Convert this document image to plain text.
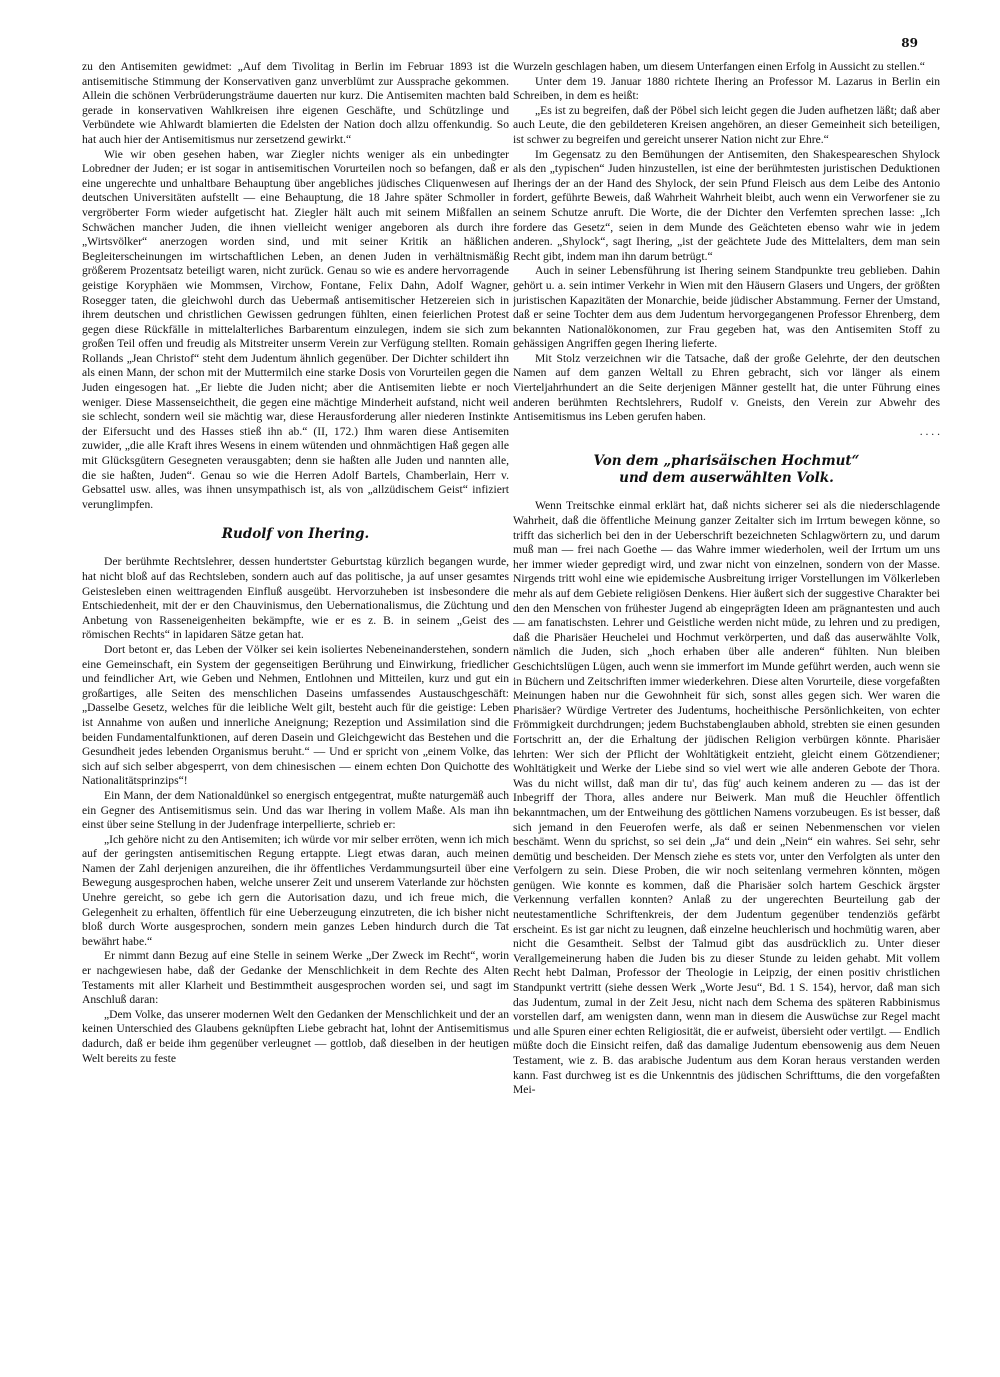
89

zu den Antisemiten gewidmet: „Auf dem Tivolitag in Berlin im Februar 1893 ist die antisemitische Stimmung der Konservativen ganz unverblümt zur Aussprache gekommen. Allein die schönen Verbrüderungsträume dauerten nur kurz. Die Antisemiten machten bald gerade in konservativen Wahlkreisen ihre eigenen Geschäfte, und Schützlinge und Verbündete wie Ahlwardt blamierten die Edelsten der Nation doch allzu offenkundig. So hat auch hier der Antisemitismus nur zersetzend gewirkt.“

Wie wir oben gesehen haben, war Ziegler nichts weniger als ein unbedingter Lobredner der Juden; er ist sogar in antisemitischen Vorurteilen noch so befangen, daß er eine ungerechte und unhaltbare Behauptung über angebliches jüdisches Cliquenwesen auf deutschen Universitäten aufstellt — eine Behauptung, die 18 Jahre später Schmoller in vergröberter Form wieder aufgetischt hat. Ziegler hält auch mit seinem Mißfallen an Schwächen mancher Juden, die ihnen vielleicht weniger angeboren als durch ihre „Wirtsvölker“ anerzogen worden sind, und mit seiner Kritik an häßlichen Begleiterscheinungen im wirtschaftlichen Leben, an denen Juden in verhältnismäßig größerem Prozentsatz beteiligt waren, nicht zurück. Genau so wie es andere hervorragende geistige Koryphäen wie Mommsen, Virchow, Fontane, Felix Dahn, Adolf Wagner, Rosegger taten, die gleichwohl durch das Uebermaß antisemitischer Hetzereien sich in ihrem deutschen und christlichen Gewissen gedrungen fühlten, einen feierlichen Protest gegen diese Rückfälle in mittelalterliches Barbarentum einzulegen, indem sie sich zum großen Teil offen und freudig als Mitstreiter unserm Verein zur Verfügung stellten. Romain Rollands „Jean Christof“ steht dem Judentum ähnlich gegenüber. Der Dichter schildert ihn als einen Mann, der schon mit der Muttermilch eine starke Dosis von Vorurteilen gegen die Juden eingesogen hat. „Er liebte die Juden nicht; aber die Antisemiten liebte er noch weniger. Diese Massenseichtheit, die gegen eine mächtige Minderheit aufstand, nicht weil sie schlecht, sondern weil sie mächtig war, diese Herausforderung aller niederen Instinkte der Eifersucht und des Hasses stieß ihn ab.“ (II, 172.) Ihm waren diese Antisemiten zuwider, „die alle Kraft ihres Wesens in einem wütenden und ohnmächtigen Haß gegen alle mit Glücksgütern Gesegneten verausgabten; denn sie haßten alle Juden und nannten alle, die sie haßten, Juden“. Genau so wie die Herren Adolf Bartels, Chamberlain, Herr v. Gebsattel usw. alles, was ihnen unsympathisch ist, als von „allzüdischem Geist“ infiziert verunglimpfen.

Rudolf von Ihering.

Der berühmte Rechtslehrer, dessen hundertster Geburtstag kürzlich begangen wurde, hat nicht bloß auf das Rechtsleben, sondern auch auf das politische, ja auf unser gesamtes Geistesleben einen weittragenden Einfluß ausgeübt. Hervorzuheben ist insbesondere die Entschiedenheit, mit der er den Chauvinismus, den Uebernationalismus, die Züchtung und Anbetung von Rasseneigenheiten bekämpfte, wie er es z. B. in seinem „Geist des römischen Rechts“ in lapidaren Sätze getan hat.

Dort betont er, das Leben der Völker sei kein isoliertes Nebeneinanderstehen, sondern eine Gemeinschaft, ein System der gegenseitigen Berührung und Einwirkung, friedlicher und feindlicher Art, wie Geben und Nehmen, Entlohnen und Mitteilen, kurz und gut ein großartiges, alle Seiten des menschlichen Daseins umfassendes Austauschgeschäft: „Dasselbe Gesetz, welches für die leibliche Welt gilt, besteht auch für die geistige: Leben ist Annahme von außen und innerliche Aneignung; Rezeption und Assimilation sind die beiden Fundamentalfunktionen, auf deren Dasein und Gleichgewicht das Bestehen und die Gesundheit jedes lebenden Organismus beruht.“ — Und er spricht von „einem Volke, das sich auf sich selber abgesperrt, von dem chinesischen — einem echten Don Quichotte des Nationalitätsprinzips“!

Ein Mann, der dem Nationaldünkel so energisch entgegentrat, mußte naturgemäß auch ein Gegner des Antisemitismus sein. Und das war Ihering in vollem Maße. Als man ihn einst über seine Stellung in der Judenfrage interpellierte, schrieb er:

„Ich gehöre nicht zu den Antisemiten; ich würde vor mir selber erröten, wenn ich mich auf der geringsten antisemitischen Regung ertappte. Liegt etwas daran, auch meinen Namen der Zahl derjenigen anzureihen, die ihr öffentliches Verdammungsurteil über eine Bewegung ausgesprochen haben, welche unserer Zeit und unserem Vaterlande zur höchsten Unehre gereicht, so gebe ich gern die Autorisation dazu, und ich freue mich, die Gelegenheit zu erhalten, öffentlich für eine Ueberzeugung einzutreten, die ich bisher nicht bloß durch Worte ausgesprochen, sondern mein ganzes Leben hindurch durch die Tat bewährt habe.“

Er nimmt dann Bezug auf eine Stelle in seinem Werke „Der Zweck im Recht“, worin er nachgewiesen habe, daß der Gedanke der Menschlichkeit in dem Rechte des Alten Testaments mit aller Klarheit und Bestimmtheit ausgesprochen worden sei, und sagt im Anschluß daran:

„Dem Volke, das unserer modernen Welt den Gedanken der Menschlichkeit und der an keinen Unterschied des Glaubens geknüpften Liebe gebracht hat, lohnt der Antisemitismus dadurch, daß er beide ihm gegenüber verleugnet — gottlob, daß dieselben in der heutigen Welt bereits zu feste

Wurzeln geschlagen haben, um diesem Unterfangen einen Erfolg in Aussicht zu stellen.“

Unter dem 19. Januar 1880 richtete Ihering an Professor M. Lazarus in Berlin ein Schreiben, in dem es heißt:

„Es ist zu begreifen, daß der Pöbel sich leicht gegen die Juden aufhetzen läßt; daß aber auch Leute, die den gebildeteren Kreisen angehören, an dieser Gemeinheit sich beteiligen, ist schwer zu begreifen und gereicht unserer Nation nicht zur Ehre.“

Im Gegensatz zu den Bemühungen der Antisemiten, den Shakespeareschen Shylock als den „typischen“ Juden hinzustellen, ist eine der berühmtesten juristischen Deduktionen Iherings der an der Hand des Shylock, der sein Pfund Fleisch aus dem Leibe des Antonio fordert, geführte Beweis, daß Wahrheit Wahrheit bleibt, auch wenn ein Verworfener sie zu seinem Schutze anruft. Die Worte, die der Dichter den Verfemten sprechen lasse: „Ich fordere das Gesetz“, seien in dem Munde des Geächteten ebenso wahr wie in jedem anderen. „Shylock“, sagt Ihering, „ist der geächtete Jude des Mittelalters, dem man sein Recht gibt, indem man ihn darum betrügt.“

Auch in seiner Lebensführung ist Ihering seinem Standpunkte treu geblieben. Dahin gehört u. a. sein intimer Verkehr in Wien mit den Häusern Glasers und Ungers, der größten juristischen Kapazitäten der Monarchie, beide jüdischer Abstammung. Ferner der Umstand, daß er seine Tochter dem aus dem Judentum hervorgegangenen Professor Ehrenberg, dem bekannten Nationalökonomen, zur Frau gegeben hat, was den Antisemiten Stoff zu gehässigen Angriffen gegen Ihering lieferte.

Mit Stolz verzeichnen wir die Tatsache, daß der große Gelehrte, der den deutschen Namen auf dem ganzen Weltall zu Ehren gebracht, sich vor länger als einem Vierteljahrhundert an die Seite derjenigen Männer gestellt hat, die unter Führung eines anderen berühmten Rechtslehrers, Rudolf v. Gneists, den Verein zur Abwehr des Antisemitismus ins Leben gerufen haben.

. . . .

Von dem „pharisäischen Hochmut“
und dem auserwählten Volk.

Wenn Treitschke einmal erklärt hat, daß nichts sicherer sei als die niederschlagende Wahrheit, daß die öffentliche Meinung ganzer Zeitalter sich im Irrtum bewegen könne, so trifft das sicherlich bei den in der Ueberschrift bezeichneten Schlagwörtern zu, und darum muß man — frei nach Goethe — das Wahre immer wiederholen, weil der Irrtum um uns her immer wieder gepredigt wird, und zwar nicht von einzelnen, sondern von der Masse. Nirgends tritt wohl eine wie epidemische Ausbreitung irriger Vorstellungen im Völkerleben mehr als auf dem Gebiete religiösen Denkens. Hier äußert sich der suggestive Charakter bei den den Menschen von frühester Jugend ab eingeprägten Ideen am prägnantesten und auch — am fanatischsten. Lehrer und Geistliche werden nicht müde, zu lehren und zu predigen, daß die Pharisäer Heuchelei und Hochmut verkörperten, und daß das auserwählte Volk, nämlich die Juden, sich „hoch erhaben über alle anderen“ fühlten. Nun bleiben Geschichtslügen Lügen, auch wenn sie immerfort im Munde geführt werden, auch wenn sie in Büchern und Zeitschriften immer wiederkehren. Diese alten Vorurteile, diese vorgefaßten Meinungen haben nur die Gewohnheit für sich, sonst alles gegen sich. Wer waren die Pharisäer? Würdige Vertreter des Judentums, hocheithische Persönlichkeiten, von echter Frömmigkeit durchdrungen; jedem Buchstabenglauben abhold, strebten sie einen gesunden Fortschritt an, der die Erhaltung der jüdischen Religion verbürgen könnte. Pharisäer lehrten: Wer sich der Pflicht der Wohltätigkeit entzieht, gleicht einem Götzendiener; Wohltätigkeit und Werke der Liebe sind so viel wert wie alle anderen Gebote der Thora. Was du nicht willst, daß man dir tu', das füg' auch keinem anderen zu — das ist der Inbegriff der Thora, alles andere nur Beiwerk. Man muß die Heuchler öffentlich bekanntmachen, um der Entweihung des göttlichen Namens vorzubeugen. Es ist besser, daß sich jemand in den Feuerofen werfe, als daß er seinen Nebenmenschen vor vielen beschämt. Wenn du sprichst, so sei dein „Ja“ und dein „Nein“ ein wahres. Sei sehr, sehr demütig und bescheiden. Der Mensch ziehe es stets vor, unter den Verfolgten als unter den Verfolgern zu sein. Diese Proben, die wir noch seitenlang vermehren könnten, mögen genügen. Wie konnte es kommen, daß die Pharisäer solch hartem Geschick ärgster Verkennung verfallen konnten? Anlaß zu der ungerechten Beurteilung gab der neutestamentliche Schriftenkreis, der dem Judentum gegenüber tendenziös gefärbt erscheint. Es ist gar nicht zu leugnen, daß einzelne heuchlerisch und hochmütig waren, aber nicht die Gesamtheit. Selbst der Talmud gibt das ausdrücklich zu. Unter dieser Verallgemeinerung haben die Juden bis zu dieser Stunde zu leiden gehabt. Mit vollem Recht hebt Dalman, Professor der Theologie in Leipzig, der einen positiv christlichen Standpunkt vertritt (siehe dessen Werk „Worte Jesu“, Bd. 1 S. 154), hervor, daß man sich das Judentum, zumal in der Zeit Jesu, nicht nach dem Schema des späteren Rabbinismus vorstellen darf, am wenigsten dann, wenn man in diesem die Auswüchse zur Regel macht und alle Spuren einer echten Religiosität, die er aufweist, übersieht oder vertilgt. — Endlich müßte doch die Einsicht reifen, daß das damalige Judentum ebensowenig aus dem Neuen Testament, wie z. B. das arabische Judentum aus dem Koran heraus verstanden werden kann. Fast durchweg ist es die Unkenntnis des jüdischen Schrifttums, die den vorgefaßten Mei-
